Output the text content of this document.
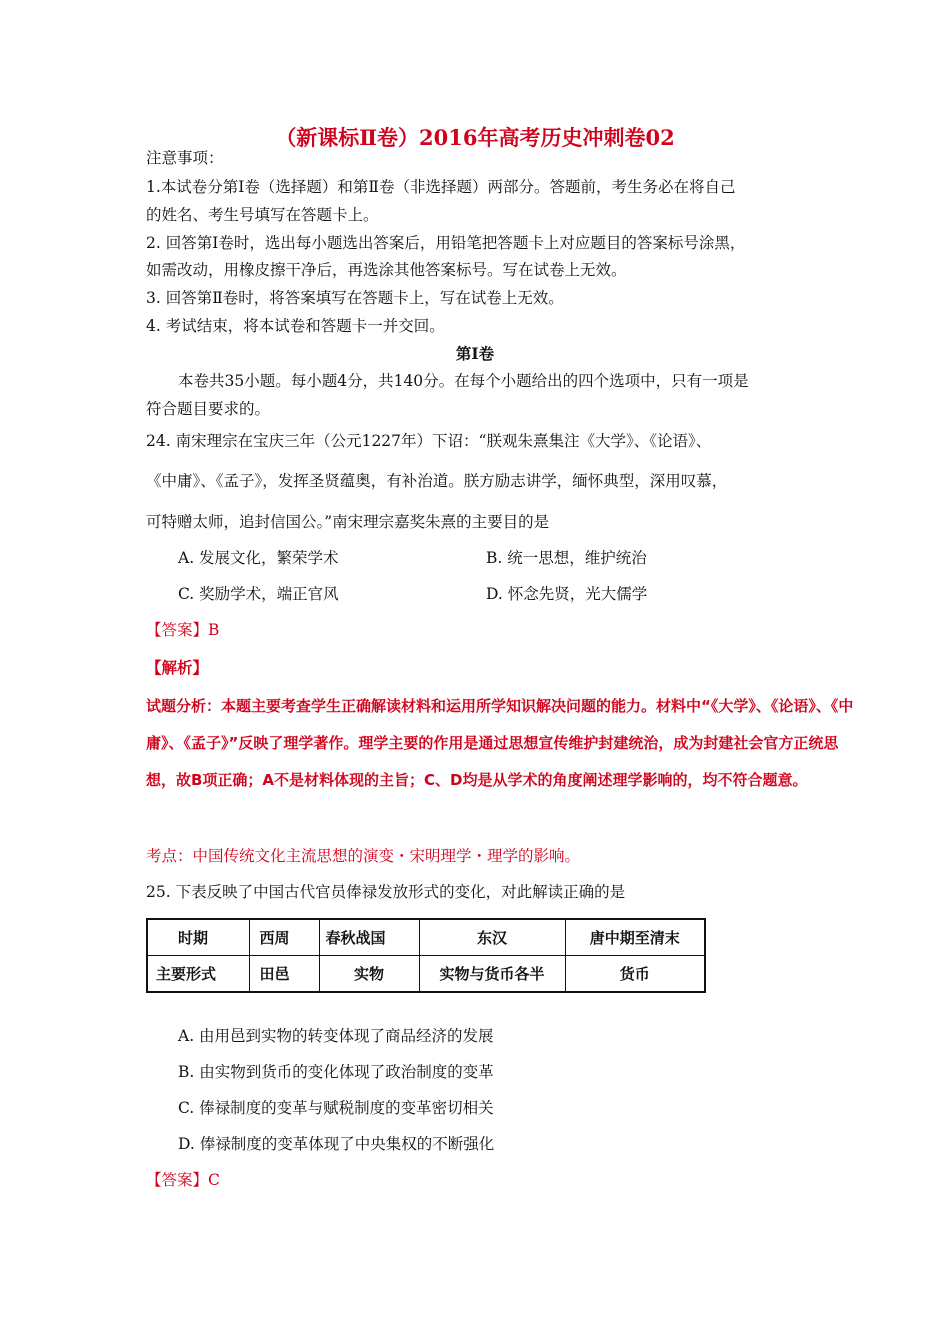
（新课标Ⅱ卷）2016年高考历史冲刺卷02
注意事项：
1.本试卷分第Ⅰ卷（选择题）和第Ⅱ卷（非选择题）两部分。答题前，考生务必在将自己
的姓名、考生号填写在答题卡上。
2. 回答第Ⅰ卷时，选出每小题选出答案后，用铅笔把答题卡上对应题目的答案标号涂黑，
如需改动，用橡皮擦干净后，再选涂其他答案标号。写在试卷上无效。
3. 回答第Ⅱ卷时，将答案填写在答题卡上，写在试卷上无效。
4. 考试结束，将本试卷和答题卡一并交回。
第Ⅰ卷
本卷共35小题。每小题4分，共140分。在每个小题给出的四个选项中，只有一项是
符合题目要求的。
24. 南宋理宗在宝庆三年（公元1227年）下诏：“朕观朱熹集注《大学》、《论语》、
《中庸》、《孟子》，发挥圣贤蕴奥，有补治道。朕方励志讲学，缅怀典型，深用叹慕，
可特赠太师，追封信国公。”南宋理宗嘉奖朱熹的主要目的是
A. 发展文化，繁荣学术	B. 统一思想，维护统治
C. 奖励学术，端正官风	D. 怀念先贤，光大儒学
【答案】B
【解析】
试题分析：本题主要考查学生正确解读材料和运用所学知识解决问题的能力。材料中“《大学》、《论语》、《中
庸》、《孟子》”反映了理学著作。理学主要的作用是通过思想宣传维护封建统治，成为封建社会官方正统思
想，故B项正确；A不是材料体现的主旨；C、D均是从学术的角度阐述理学影响的，均不符合题意。
考点：中国传统文化主流思想的演变・宋明理学・理学的影响。
25. 下表反映了中国古代官员俸禄发放形式的变化，对此解读正确的是
时期	西周	春秋战国	东汉	唐中期至清末
主要形式	田邑	实物	实物与货币各半	货币
A. 由用邑到实物的转变体现了商品经济的发展
B. 由实物到货币的变化体现了政治制度的变革
C. 俸禄制度的变革与赋税制度的变革密切相关
D. 俸禄制度的变革体现了中央集权的不断强化
【答案】C
